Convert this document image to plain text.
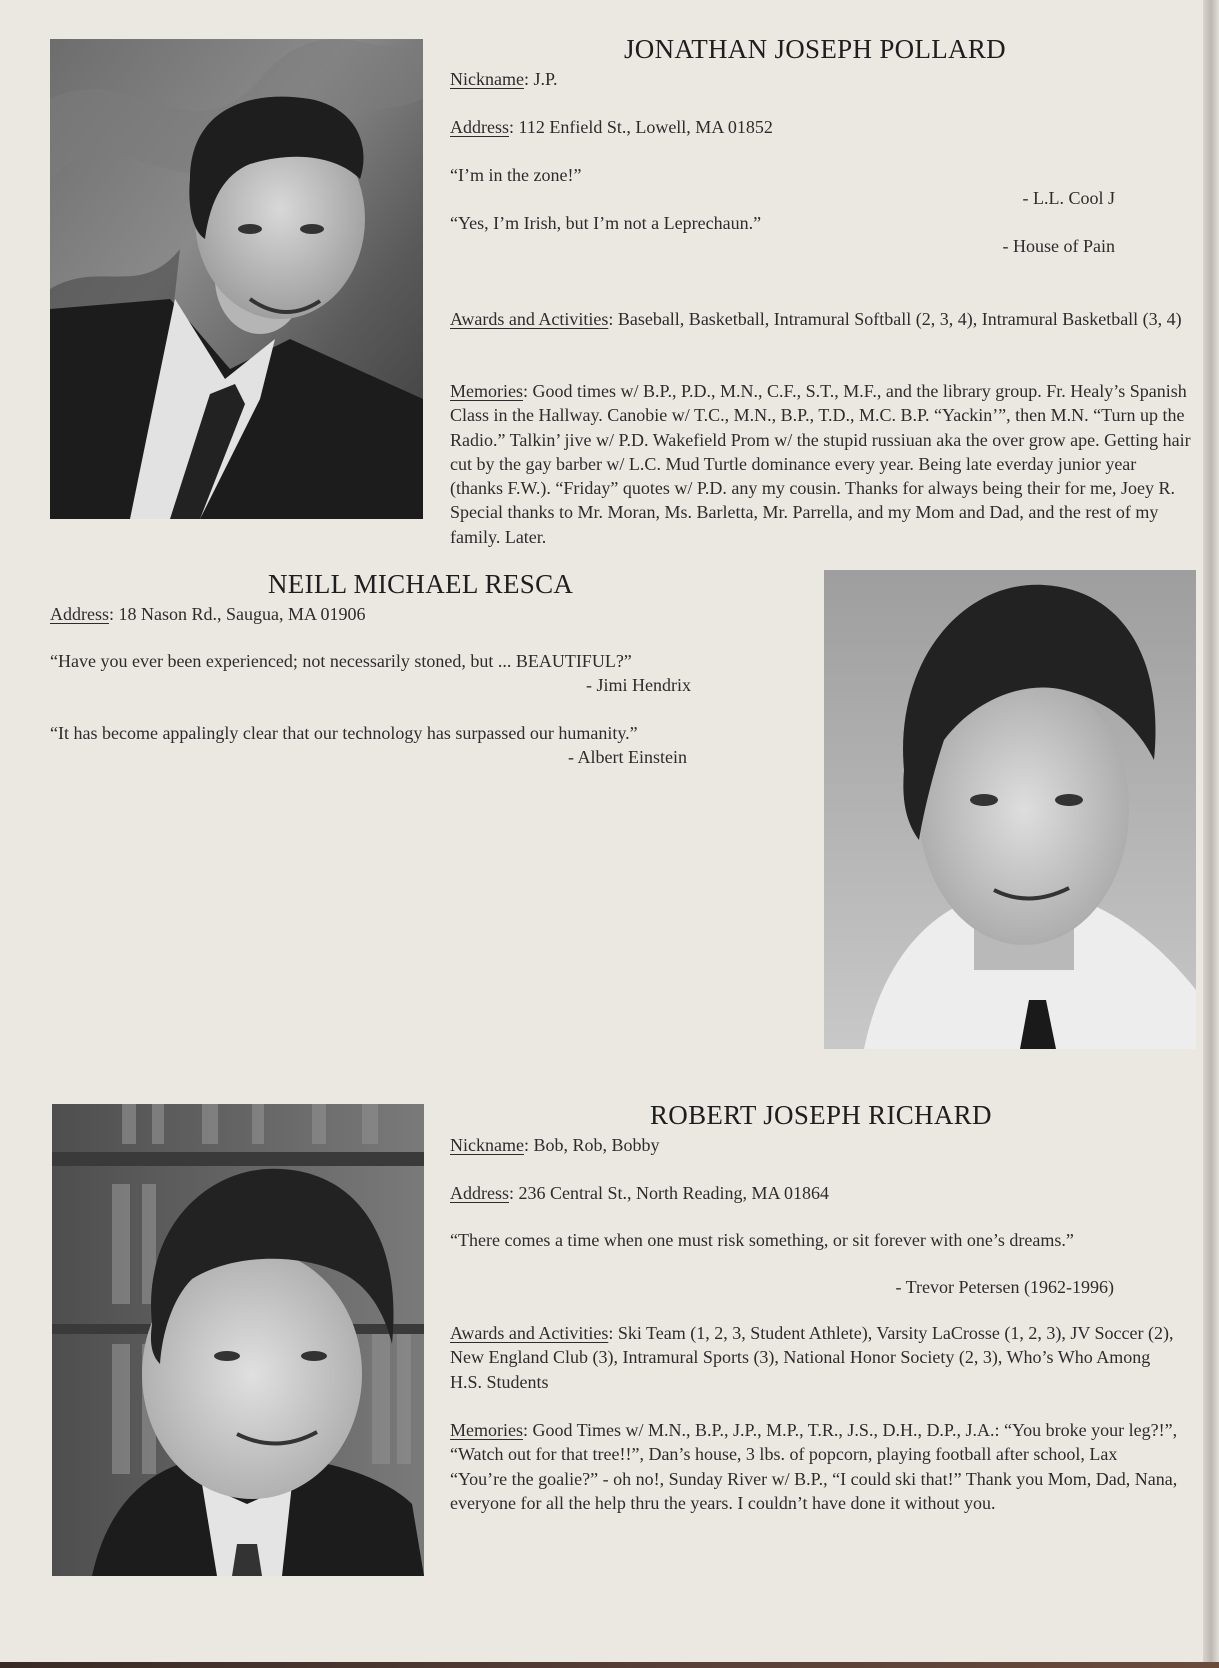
JONATHAN JOSEPH POLLARD
Nickname: J.P.
Address: 112 Enfield St., Lowell, MA 01852
“I’m in the zone!”
- L.L. Cool J
“Yes, I’m Irish, but I’m not a Leprechaun.”
- House of Pain
Awards and Activities: Baseball, Basketball, Intramural Softball (2, 3, 4), Intramural Basketball (3, 4)
Memories: Good times w/ B.P., P.D., M.N., C.F., S.T., M.F., and the library group. Fr. Healy’s Spanish Class in the Hallway. Canobie w/ T.C., M.N., B.P., T.D., M.C. B.P. “Yackin’”, then M.N. “Turn up the Radio.” Talkin’ jive w/ P.D. Wakefield Prom w/ the stupid russiuan aka the over grow ape. Getting hair cut by the gay barber w/ L.C. Mud Turtle dominance every year. Being late everday junior year (thanks F.W.). “Friday” quotes w/ P.D. any my cousin. Thanks for always being their for me, Joey R. Special thanks to Mr. Moran, Ms. Barletta, Mr. Parrella, and my Mom and Dad, and the rest of my family. Later.
NEILL MICHAEL RESCA
Address: 18 Nason Rd., Saugua, MA 01906
“Have you ever been experienced; not necessarily stoned, but ... BEAUTIFUL?”
- Jimi Hendrix
“It has become appalingly clear that our technology has surpassed our humanity.”
- Albert Einstein
ROBERT JOSEPH RICHARD
Nickname: Bob, Rob, Bobby
Address: 236 Central St., North Reading, MA 01864
“There comes a time when one must risk something, or sit forever with one’s dreams.”
- Trevor Petersen (1962-1996)
Awards and Activities: Ski Team (1, 2, 3, Student Athlete), Varsity LaCrosse (1, 2, 3), JV Soccer (2), New England Club (3), Intramural Sports (3), National Honor Society (2, 3), Who’s Who Among H.S. Students
Memories: Good Times w/ M.N., B.P., J.P., M.P., T.R., J.S., D.H., D.P., J.A.: “You broke your leg?!”, “Watch out for that tree!!”, Dan’s house, 3 lbs. of popcorn, playing football after school, Lax “You’re the goalie?” - oh no!, Sunday River w/ B.P., “I could ski that!” Thank you Mom, Dad, Nana, everyone for all the help thru the years. I couldn’t have done it without you.
